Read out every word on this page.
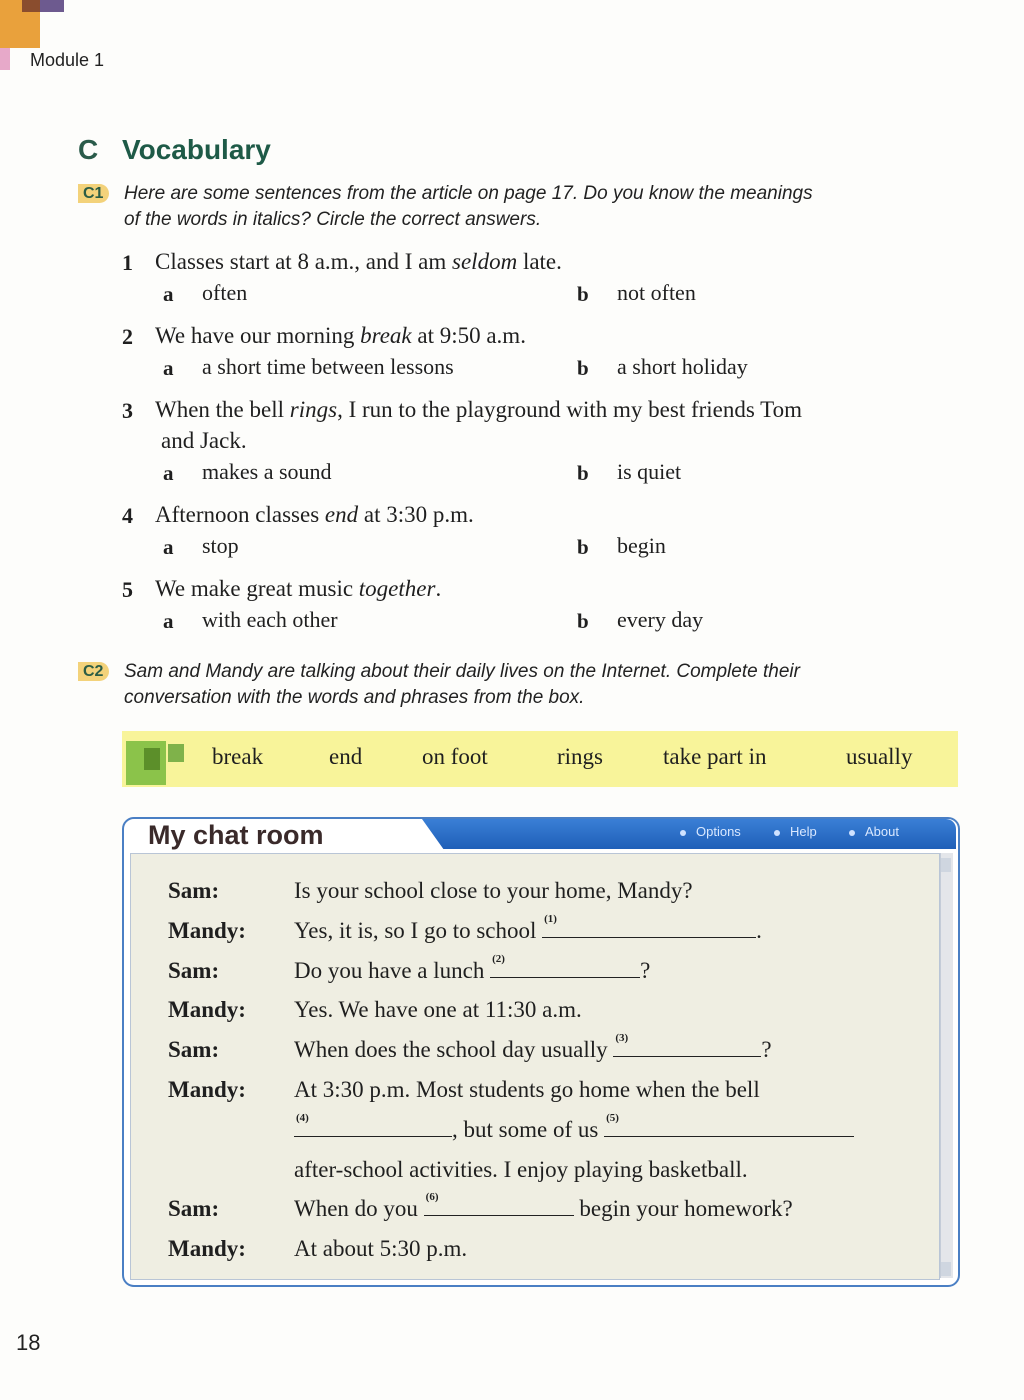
Module 1
C Vocabulary
C1	Here are some sentences from the article on page 17. Do you know the meanings
of the words in italics? Circle the correct answers.
1 Classes start at 8 a.m., and I am seldom late.
a often	b not often
2 We have our morning break at 9:50 a.m.
a a short time between lessons	b a short holiday
3 When the bell rings, I run to the playground with my best friends Tom
and Jack.
a makes a sound	b is quiet
4 Afternoon classes end at 3:30 p.m.
a stop	b begin
5 We make great music together.
a with each other	b every day
C2	Sam and Mandy are talking about their daily lives on the Internet. Complete their
conversation with the words and phrases from the box.
break	end	on foot	rings	take part in	usually
My chat room	Options	Help	About
Sam:	Is your school close to your home, Mandy?
Mandy: Yes, it is, so I go to school (1)	.
Sam:	Do you have a lunch (2)	?
Mandy: Yes. We have one at 11:30 a.m.
Sam:	When does the school day usually (3)	?
Mandy: At 3:30 p.m. Most students go home when the bell
(4)	, but some of us (5)
after-school activities. I enjoy playing basketball.
Sam:	When do you (6)	begin your homework?
Mandy: At about 5:30 p.m.
18
